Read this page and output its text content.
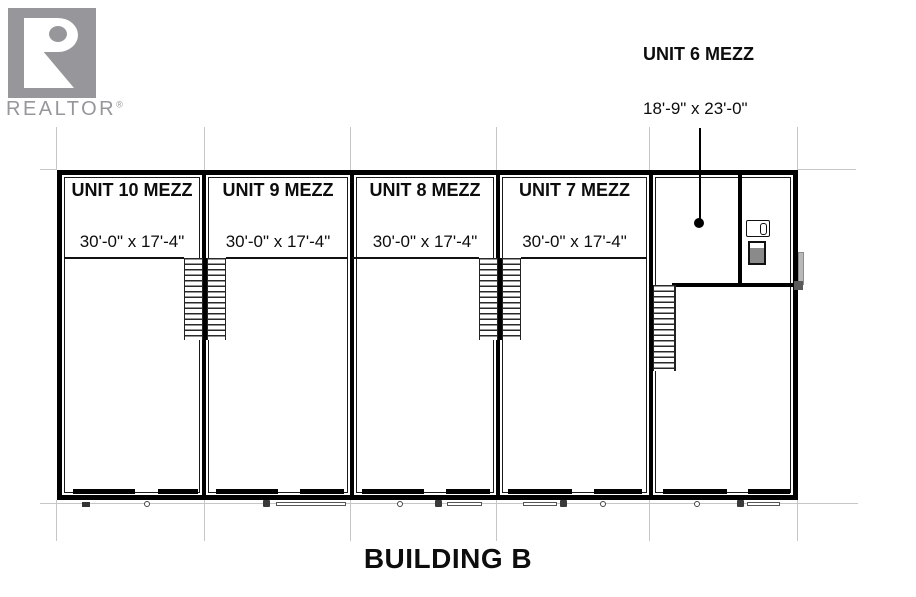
REALTOR®
UNIT 6 MEZZ
18'-9" x 23'-0"
UNIT 10 MEZZ
30'-0" x 17'-4"
UNIT 9 MEZZ
30'-0" x 17'-4"
UNIT 8 MEZZ
30'-0" x 17'-4"
UNIT 7 MEZZ
30'-0" x 17'-4"
BUILDING B
